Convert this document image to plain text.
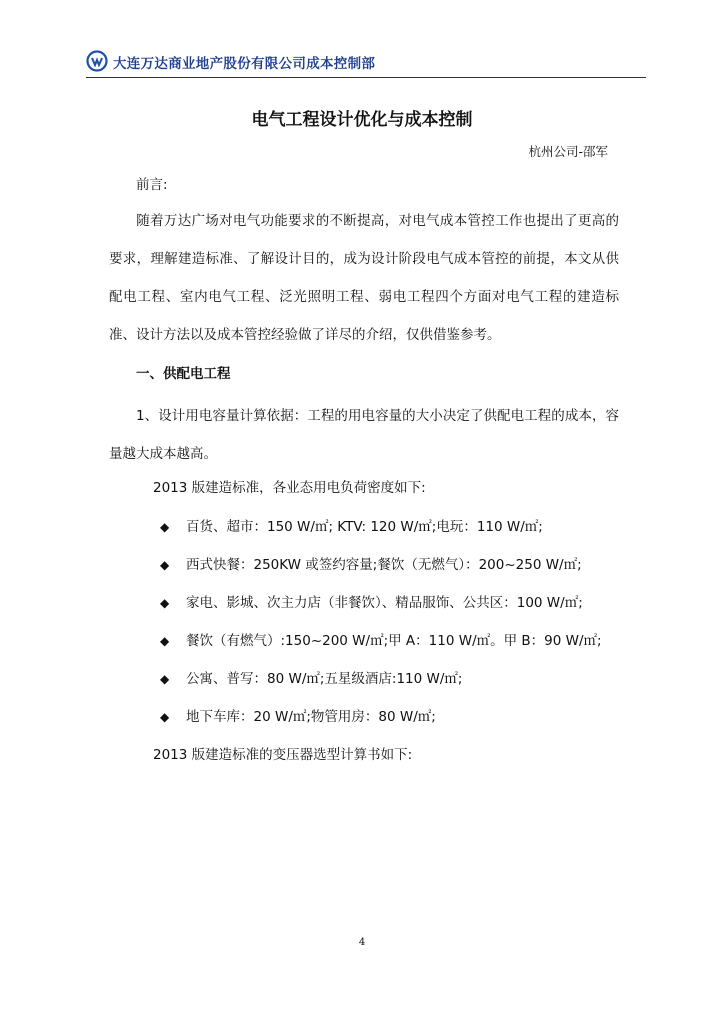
大连万达商业地产股份有限公司成本控制部
电气工程设计优化与成本控制
杭州公司-邵军
前言:

随着万达广场对电气功能要求的不断提高，对电气成本管控工作也提出了更高的要求，理解建造标准、了解设计目的，成为设计阶段电气成本管控的前提，本文从供配电工程、室内电气工程、泛光照明工程、弱电工程四个方面对电气工程的建造标准、设计方法以及成本管控经验做了详尽的介绍，仅供借鉴参考。

一、供配电工程

1、设计用电容量计算依据：工程的用电容量的大小决定了供配电工程的成本，容量越大成本越高。

2013 版建造标准，各业态用电负荷密度如下:
◆ 百货、超市：150 W/㎡; KTV: 120 W/㎡;电玩：110 W/㎡;
◆ 西式快餐：250KW 或签约容量;餐饮（无燃气）：200~250 W/㎡;
◆ 家电、影城、次主力店（非餐饮）、精品服饰、公共区：100 W/㎡;
◆ 餐饮（有燃气）:150~200 W/㎡;甲 A：110 W/㎡。甲 B：90 W/㎡;
◆ 公寓、普写：80 W/㎡;五星级酒店:110 W/㎡;
◆ 地下车库：20 W/㎡;物管用房：80 W/㎡;
2013 版建造标准的变压器选型计算书如下:
4
